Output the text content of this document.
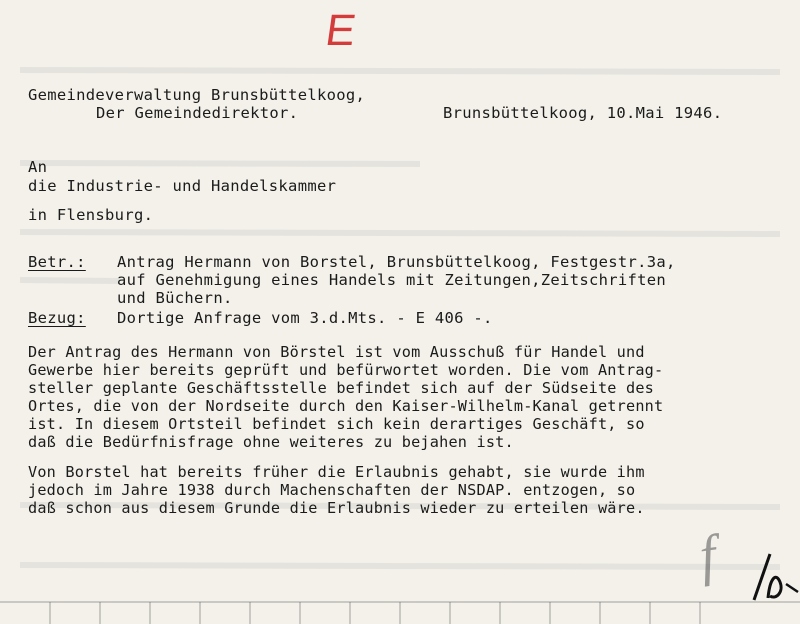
E
Gemeindeverwaltung Brunsbüttelkoog,
Der Gemeindedirektor.	Brunsbüttelkoog, 10.Mai 1946.
An
die Industrie- und Handelskammer
in Flensburg.
Betr.: Antrag Hermann von Borstel, Brunsbüttelkoog, Festgestr.3a,
auf Genehmigung eines Handels mit Zeitungen,Zeitschriften
und Büchern.
Bezug: Dortige Anfrage vom 3.d.Mts. - E 406 -.
Der Antrag des Hermann von Börstel ist vom Ausschuß für Handel und
Gewerbe hier bereits geprüft und befürwortet worden. Die vom Antrag-
steller geplante Geschäftsstelle befindet sich auf der Südseite des
Ortes, die von der Nordseite durch den Kaiser-Wilhelm-Kanal getrennt
ist. In diesem Ortsteil befindet sich kein derartiges Geschäft, so
daß die Bedürfnisfrage ohne weiteres zu bejahen ist.
Von Borstel hat bereits früher die Erlaubnis gehabt, sie wurde ihm
jedoch im Jahre 1938 durch Machenschaften der NSDAP. entzogen, so
daß schon aus diesem Grunde die Erlaubnis wieder zu erteilen wäre.
f
